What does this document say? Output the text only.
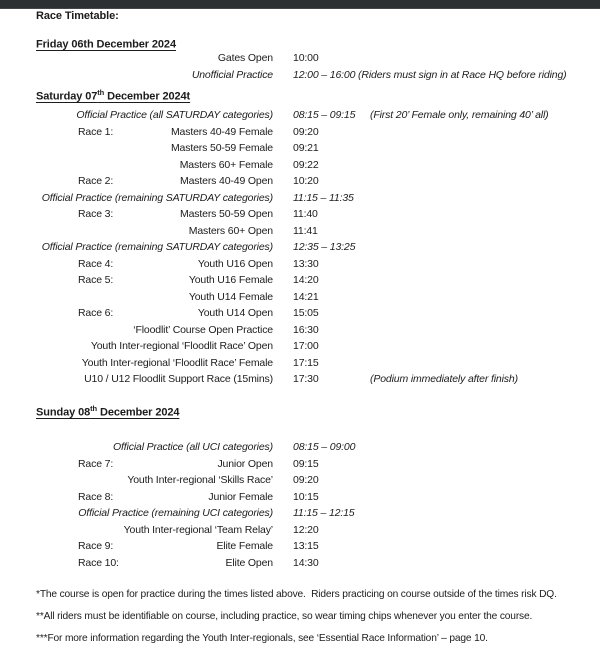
Race Timetable:
Friday 06th December 2024
Gates Open 10:00
Unofficial Practice 12:00 – 16:00 (Riders must sign in at Race HQ before riding)
Saturday 07th December 2024t
Official Practice (all SATURDAY categories) 08:15 – 09:15 (First 20’ Female only, remaining 40’ all)
Race 1:	Masters 40-49 Female 09:20
Masters 50-59 Female 09:21
Masters 60+ Female 09:22
Race 2:	Masters 40-49 Open 10:20
Official Practice (remaining SATURDAY categories) 11:15 – 11:35
Race 3:	Masters 50-59 Open 11:40
Masters 60+ Open 11:41
Official Practice (remaining SATURDAY categories) 12:35 – 13:25
Race 4:	Youth U16 Open 13:30
Race 5:	Youth U16 Female 14:20
Youth U14 Female 14:21
Race 6:	Youth U14 Open 15:05
‘Floodlit’ Course Open Practice 16:30
Youth Inter-regional ‘Floodlit Race’ Open 17:00
Youth Inter-regional ‘Floodlit Race’ Female 17:15
U10 / U12 Floodlit Support Race (15mins) 17:30	(Podium immediately after finish)
Sunday 08th December 2024
Official Practice (all UCI categories) 08:15 – 09:00
Race 7:	Junior Open 09:15
Youth Inter-regional ‘Skills Race’ 09:20
Race 8:	Junior Female 10:15
Official Practice (remaining UCI categories) 11:15 – 12:15
Youth Inter-regional ‘Team Relay’ 12:20
Race 9:	Elite Female 13:15
Race 10:	Elite Open 14:30
*The course is open for practice during the times listed above.  Riders practicing on course outside of the times risk DQ.
**All riders must be identifiable on course, including practice, so wear timing chips whenever you enter the course.
***For more information regarding the Youth Inter-regionals, see ‘Essential Race Information’ – page 10.
